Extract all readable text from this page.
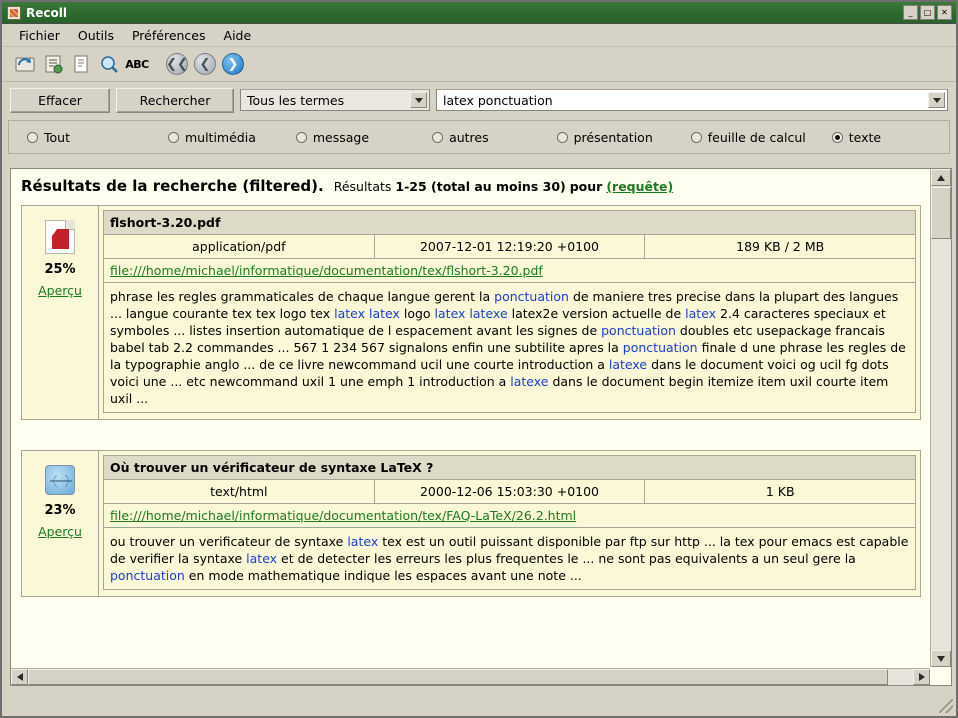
Recoll	_	□	✕
Fichier	Outils	Préférences	Aide
ABC ❮❮ ❮	❯
Effacer	Rechercher	Tous les termes	latex ponctuation
Tout	multimédia	message	autres	présentation	feuille de calcul	texte
Résultats de la recherche (filtered). Résultats 1-25 (total au moins 30) pour (requête)
25%
Aperçu
flshort-3.20.pdf
application/pdf	2007-12-01 12:19:20 +0100	189 KB / 2 MB
file:///home/michael/informatique/documentation/tex/flshort-3.20.pdf
phrase les regles grammaticales de chaque langue gerent la ponctuation de maniere tres precise dans la plupart des langues ... langue courante tex tex logo tex latex latex logo latex latexe latex2e version actuelle de latex 2.4 caracteres speciaux et symboles ... listes insertion automatique de l espacement avant les signes de ponctuation doubles etc usepackage francais babel tab 2.2 commandes ... 567 1 234 567 signalons enfin une subtilite apres la ponctuation finale d une phrase les regles de la typographie anglo ... de ce livre newcommand ucil une courte introduction a latexe dans le document voici og ucil fg dots voici une ... etc newcommand uxil 1 une emph 1 introduction a latexe dans le document begin itemize item uxil courte item uxil ...
23%
Aperçu
Où trouver un vérificateur de syntaxe LaTeX ?
text/html	2000-12-06 15:03:30 +0100	1 KB
file:///home/michael/informatique/documentation/tex/FAQ-LaTeX/26.2.html
ou trouver un verificateur de syntaxe latex tex est un outil puissant disponible par ftp sur http ... la tex pour emacs est capable de verifier la syntaxe latex et de detecter les erreurs les plus frequentes le ... ne sont pas equivalents a un seul gere la ponctuation en mode mathematique indique les espaces avant une note ...
